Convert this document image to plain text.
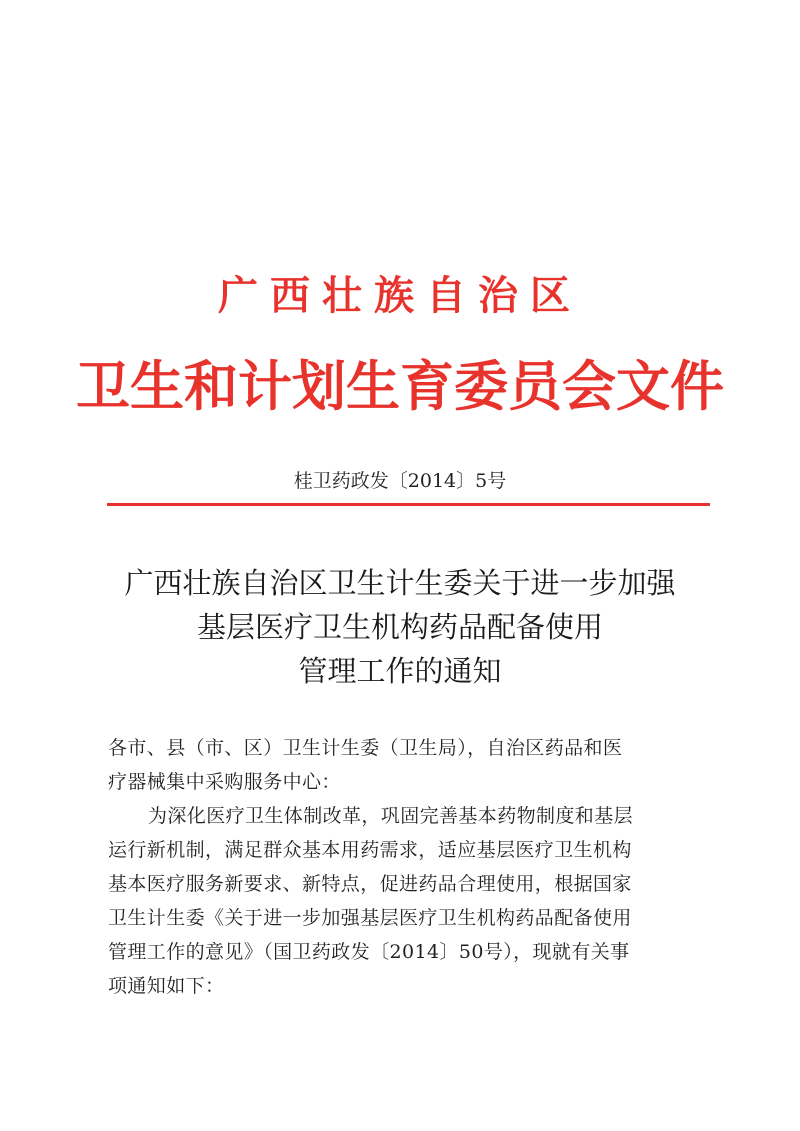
广西壮族自治区
卫生和计划生育委员会文件
桂卫药政发〔2014〕5号
广西壮族自治区卫生计生委关于进一步加强
基层医疗卫生机构药品配备使用
管理工作的通知
各市、县（市、区）卫生计生委（卫生局），自治区药品和医
疗器械集中采购服务中心：
为深化医疗卫生体制改革，巩固完善基本药物制度和基层
运行新机制，满足群众基本用药需求，适应基层医疗卫生机构
基本医疗服务新要求、新特点，促进药品合理使用，根据国家
卫生计生委《关于进一步加强基层医疗卫生机构药品配备使用
管理工作的意见》（国卫药政发〔2014〕50号），现就有关事
项通知如下：
